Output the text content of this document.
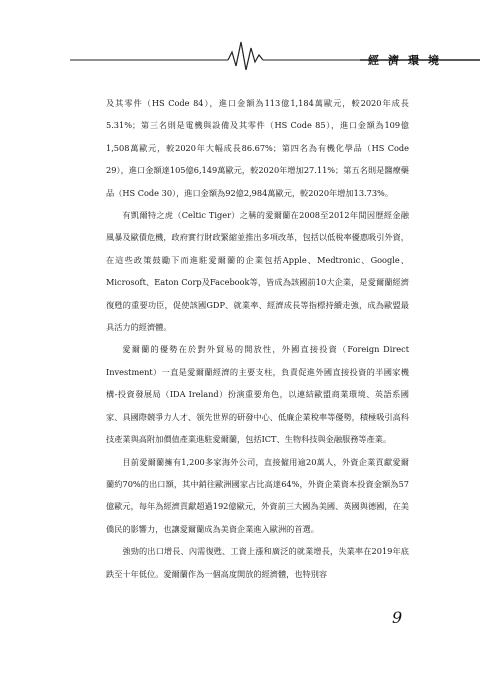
經濟環境

及其零件（HS Code 84），進口金額為113億1,184萬歐元，較2020年成長5.31%；第三名則是電機與設備及其零件（HS Code 85），進口金額為109億1,508萬歐元，較2020年大幅成長86.67%；第四名為有機化學品（HS Code 29），進口金額達105億6,149萬歐元，較2020年增加27.11%；第五名則是醫療藥品（HS Code 30），進口金額為92億2,984萬歐元，較2020年增加13.73%。

有凱爾特之虎（Celtic Tiger）之稱的愛爾蘭在2008至2012年間因歷經金融風暴及歐債危機，政府實行財政緊縮並推出多項改革，包括以低稅率優惠吸引外資，在這些政策鼓勵下而進駐愛爾蘭的企業包括Apple、Medtronic、Google、Microsoft、Eaton Corp及Facebook等，皆成為該國前10大企業，是愛爾蘭經濟復甦的重要功臣，促使該國GDP、就業率、經濟成長等指標持續走強，成為歐盟最具活力的經濟體。

愛爾蘭的優勢在於對外貿易的開放性，外國直接投資（Foreign Direct Investment）一直是愛爾蘭經濟的主要支柱，負責促進外國直接投資的半國家機構-投資發展局（IDA Ireland）扮演重要角色，以連結歐盟商業環境、英語系國家、具國際競爭力人才、領先世界的研發中心、低廉企業稅率等優勢，積極吸引高科技產業與高附加價值產業進駐愛爾蘭，包括ICT、生物科技與金融服務等產業。

目前愛爾蘭擁有1,200多家海外公司，直接僱用逾20萬人，外資企業貢獻愛爾蘭約70%的出口額，其中銷往歐洲國家占比高達64%，外資企業資本投資金額為57億歐元，每年為經濟貢獻超過192億歐元，外資前三大國為美國、英國與德國，在美僑民的影響力，也讓愛爾蘭成為美資企業進入歐洲的首選。

強勁的出口增長、內需復甦、工資上漲和廣泛的就業增長，失業率在2019年底跌至十年低位。愛爾蘭作為一個高度開放的經濟體，也特別容

9
